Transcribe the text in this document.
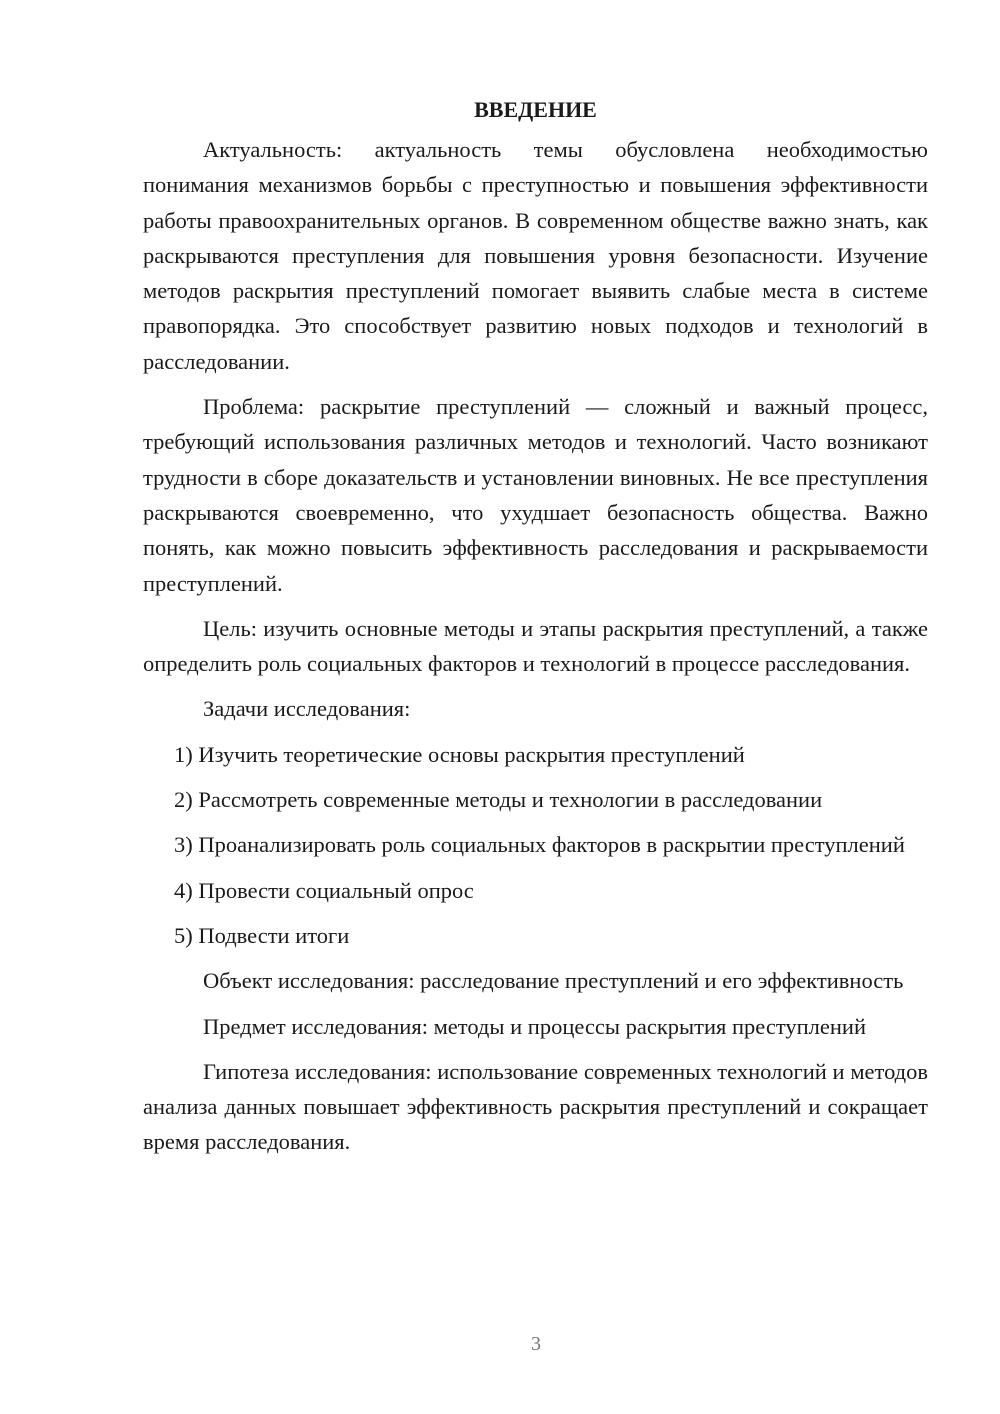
ВВЕДЕНИЕ

Актуальность: актуальность темы обусловлена необходимостью понимания механизмов борьбы с преступностью и повышения эффективности работы правоохранительных органов. В современном обществе важно знать, как раскрываются преступления для повышения уровня безопасности. Изучение методов раскрытия преступлений помогает выявить слабые места в системе правопорядка. Это способствует развитию новых подходов и технологий в расследовании.

Проблема: раскрытие преступлений — сложный и важный процесс, требующий использования различных методов и технологий. Часто возникают трудности в сборе доказательств и установлении виновных. Не все преступления раскрываются своевременно, что ухудшает безопасность общества. Важно понять, как можно повысить эффективность расследования и раскрываемости преступлений.

Цель: изучить основные методы и этапы раскрытия преступлений, а также определить роль социальных факторов и технологий в процессе расследования.

Задачи исследования:

1) Изучить теоретические основы раскрытия преступлений

2) Рассмотреть современные методы и технологии в расследовании

3) Проанализировать роль социальных факторов в раскрытии преступлений

4) Провести социальный опрос

5) Подвести итоги

Объект исследования: расследование преступлений и его эффективность

Предмет исследования: методы и процессы раскрытия преступлений

Гипотеза исследования: использование современных технологий и методов анализа данных повышает эффективность раскрытия преступлений и сокращает время расследования.

3
